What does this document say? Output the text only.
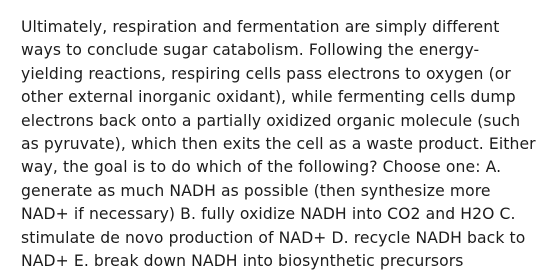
Ultimately, respiration and fermentation are simply different
ways to conclude sugar catabolism. Following the energy-
yielding reactions, respiring cells pass electrons to oxygen (or
other external inorganic oxidant), while fermenting cells dump
electrons back onto a partially oxidized organic molecule (such
as pyruvate), which then exits the cell as a waste product. Either
way, the goal is to do which of the following? Choose one: A.
generate as much NADH as possible (then synthesize more
NAD+ if necessary) B. fully oxidize NADH into CO2 and H2O C.
stimulate de novo production of NAD+ D. recycle NADH back to
NAD+ E. break down NADH into biosynthetic precursors
